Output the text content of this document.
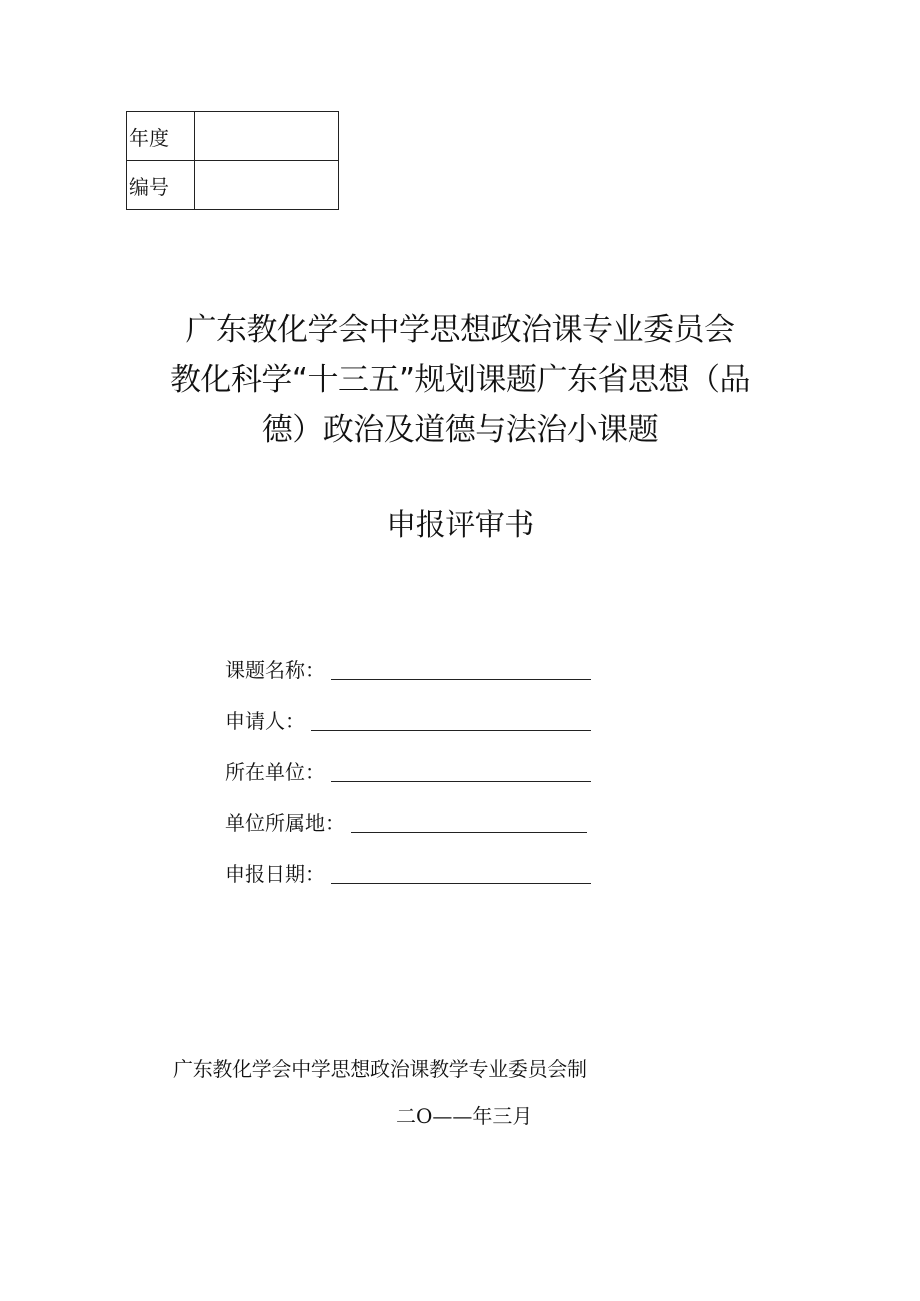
年度	
编号	
广东教化学会中学思想政治课专业委员会
教化科学“十三五”规划课题广东省思想（品
德）政治及道德与法治小课题
申报评审书
课题名称：
申请人：
所在单位：
单位所属地：
申报日期：
广东教化学会中学思想政治课教学专业委员会制
二O——年三月
